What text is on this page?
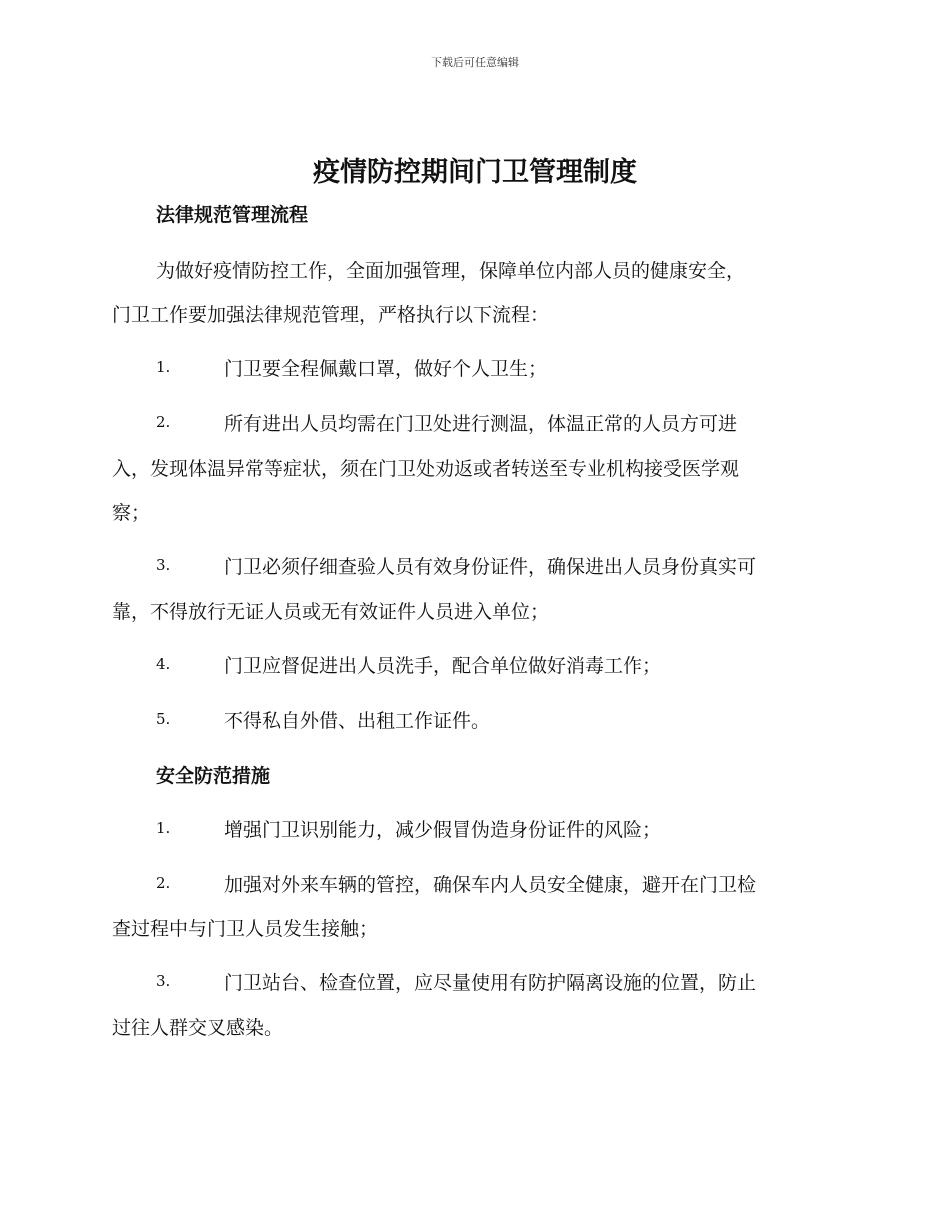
下载后可任意编辑
疫情防控期间门卫管理制度
法律规范管理流程
为做好疫情防控工作，全面加强管理，保障单位内部人员的健康安全，
门卫工作要加强法律规范管理，严格执行以下流程：
1.	门卫要全程佩戴口罩，做好个人卫生；
2.	所有进出人员均需在门卫处进行测温，体温正常的人员方可进
入，发现体温异常等症状，须在门卫处劝返或者转送至专业机构接受医学观
察；
3.	门卫必须仔细查验人员有效身份证件，确保进出人员身份真实可
靠，不得放行无证人员或无有效证件人员进入单位；
4.	门卫应督促进出人员洗手，配合单位做好消毒工作；
5.	不得私自外借、出租工作证件。
安全防范措施
1.	增强门卫识别能力，减少假冒伪造身份证件的风险；
2.	加强对外来车辆的管控，确保车内人员安全健康，避开在门卫检
查过程中与门卫人员发生接触；
3.	门卫站台、检查位置，应尽量使用有防护隔离设施的位置，防止
过往人群交叉感染。
